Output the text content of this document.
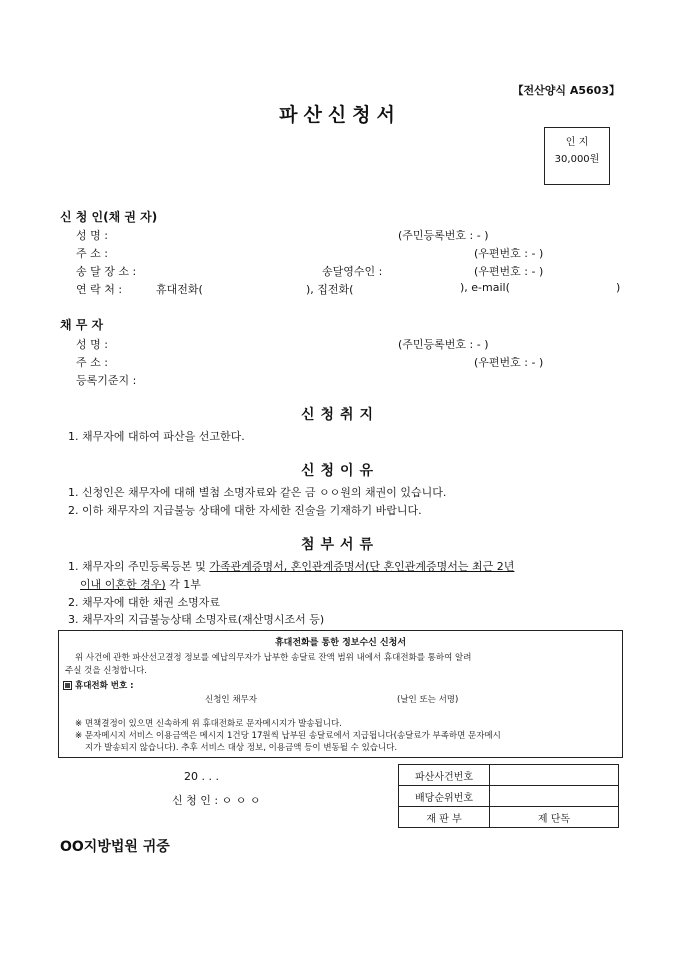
【전산양식 A5603】
파산신청서
인 지
30,000원
신 청 인(채 권 자)
성 명 :	(주민등록번호 : - )
주 소 :	(우편번호 : - )
송 달 장 소 :	송달영수인 :	(우편번호 : - )
연 락 처 :	휴대전화(	), 집전화(	), e-mail(	)
채 무 자
성 명 :	(주민등록번호 : - )
주 소 :	(우편번호 : - )
등록기준지 :
신청취지
1. 채무자에 대하여 파산을 선고한다.
신청이유
1. 신청인은 채무자에 대해 별첨 소명자료와 같은 금 ㅇㅇ원의 채권이 있습니다.
2. 이하 채무자의 지급불능 상태에 대한 자세한 진술을 기재하기 바랍니다.
첨부서류
1. 채무자의 주민등록등본 및 가족관계증명서, 혼인관계증명서(단 혼인관계증명서는 최근 2년
이내 이혼한 경우) 각 1부
2. 채무자에 대한 채권 소명자료
3. 채무자의 지급불능상태 소명자료(재산명시조서 등)
휴대전화를 통한 정보수신 신청서
위 사건에 관한 파산선고결정 정보를 예납의무자가 납부한 송달료 잔액 범위 내에서 휴대전화를 통하여 알려
주실 것을 신청합니다.
휴대전화 번호 :
신청인 채무자	(날인 또는 서명)
※ 면책결정이 있으면 신속하게 위 휴대전화로 문자메시지가 발송됩니다.
※ 문자메시지 서비스 이용금액은 메시지 1건당 17원씩 납부된 송달료에서 지급됩니다(송달료가 부족하면 문자메시
지가 발송되지 않습니다). 추후 서비스 대상 정보, 이용금액 등이 변동될 수 있습니다.
20 . . .
신 청 인 : ㅇ ㅇ ㅇ
파산사건번호	
배당순위번호	
재 판 부	제 단독
OO지방법원 귀중
